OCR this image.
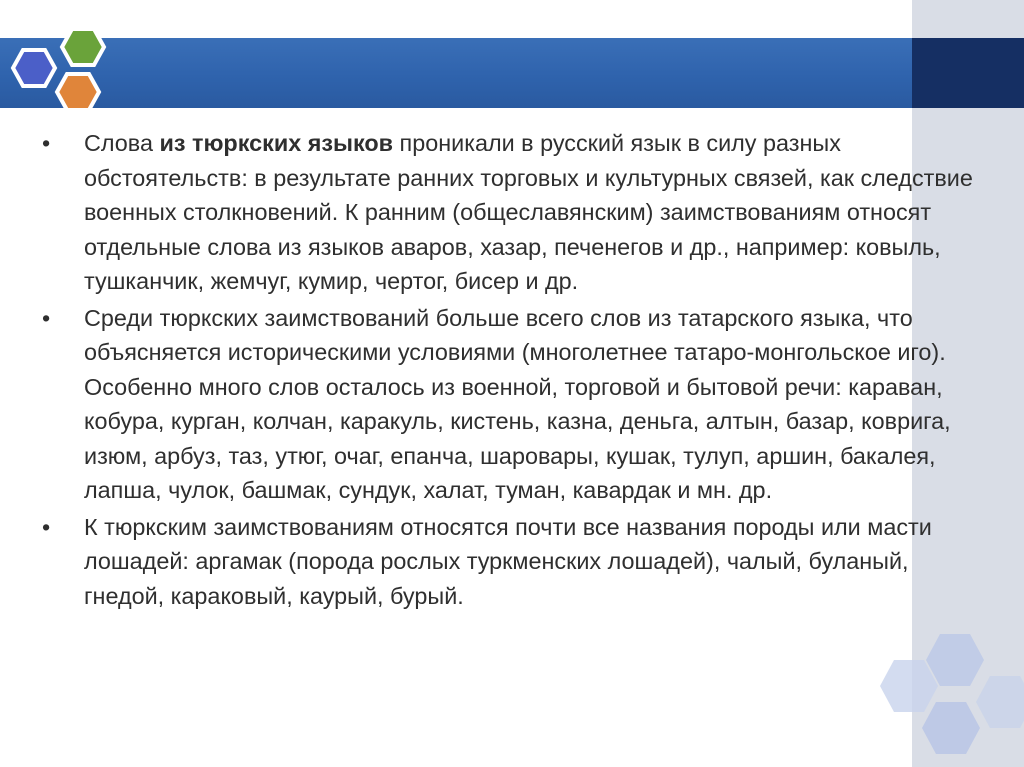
• Слова из тюркских языков проникали в русский язык в силу разных обстоятельств: в результате ранних торговых и культурных связей, как следствие военных столкновений. К ранним (общеславянским) заимствованиям относят отдельные слова из языков аваров, хазар, печенегов и др., например: ковыль, тушканчик, жемчуг, кумир, чертог, бисер и др.
• Среди тюркских заимствований больше всего слов из татарского языка, что объясняется историческими условиями (многолетнее татаро-монгольское иго). Особенно много слов осталось из военной, торговой и бытовой речи: караван, кобура, курган, колчан, каракуль, кистень, казна, деньга, алтын, базар, коврига, изюм, арбуз, таз, утюг, очаг, епанча, шаровары, кушак, тулуп, аршин, бакалея, лапша, чулок, башмак, сундук, халат, туман, кавардак и мн. др.
• К тюркским заимствованиям относятся почти все названия породы или масти лошадей: аргамак (порода рослых туркменских лошадей), чалый, буланый, гнедой, караковый, каурый, бурый.
